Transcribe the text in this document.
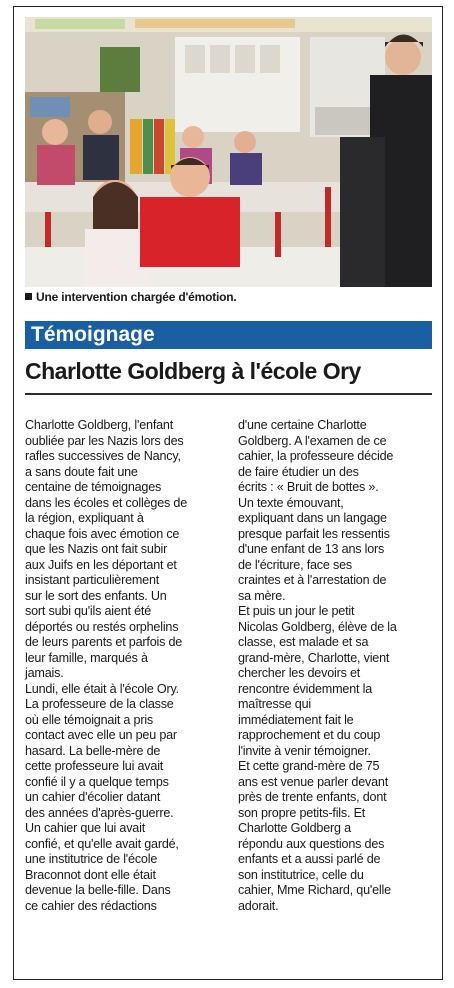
Une intervention chargée d'émotion.
Témoignage
Charlotte Goldberg à l'école Ory
Charlotte Goldberg, l'enfant
oubliée par les Nazis lors des
rafles successives de Nancy,
a sans doute fait une
centaine de témoignages
dans les écoles et collèges de
la région, expliquant à
chaque fois avec émotion ce
que les Nazis ont fait subir
aux Juifs en les déportant et
insistant particulièrement
sur le sort des enfants. Un
sort subi qu'ils aient été
déportés ou restés orphelins
de leurs parents et parfois de
leur famille, marqués à
jamais.
Lundi, elle était à l'école Ory.
La professeure de la classe
où elle témoignait a pris
contact avec elle un peu par
hasard. La belle-mère de
cette professeure lui avait
confié il y a quelque temps
un cahier d'écolier datant
des années d'après-guerre.
Un cahier que lui avait
confié, et qu'elle avait gardé,
une institutrice de l'école
Braconnot dont elle était
devenue la belle-fille. Dans
ce cahier des rédactions
d'une certaine Charlotte
Goldberg. A l'examen de ce
cahier, la professeure décide
de faire étudier un des
écrits : « Bruit de bottes ».
Un texte émouvant,
expliquant dans un langage
presque parfait les ressentis
d'une enfant de 13 ans lors
de l'écriture, face ses
craintes et à l'arrestation de
sa mère.
Et puis un jour le petit
Nicolas Goldberg, élève de la
classe, est malade et sa
grand-mère, Charlotte, vient
chercher les devoirs et
rencontre évidemment la
maîtresse qui
immédiatement fait le
rapprochement et du coup
l'invite à venir témoigner.
Et cette grand-mère de 75
ans est venue parler devant
près de trente enfants, dont
son propre petits-fils. Et
Charlotte Goldberg a
répondu aux questions des
enfants et a aussi parlé de
son institutrice, celle du
cahier, Mme Richard, qu'elle
adorait.
